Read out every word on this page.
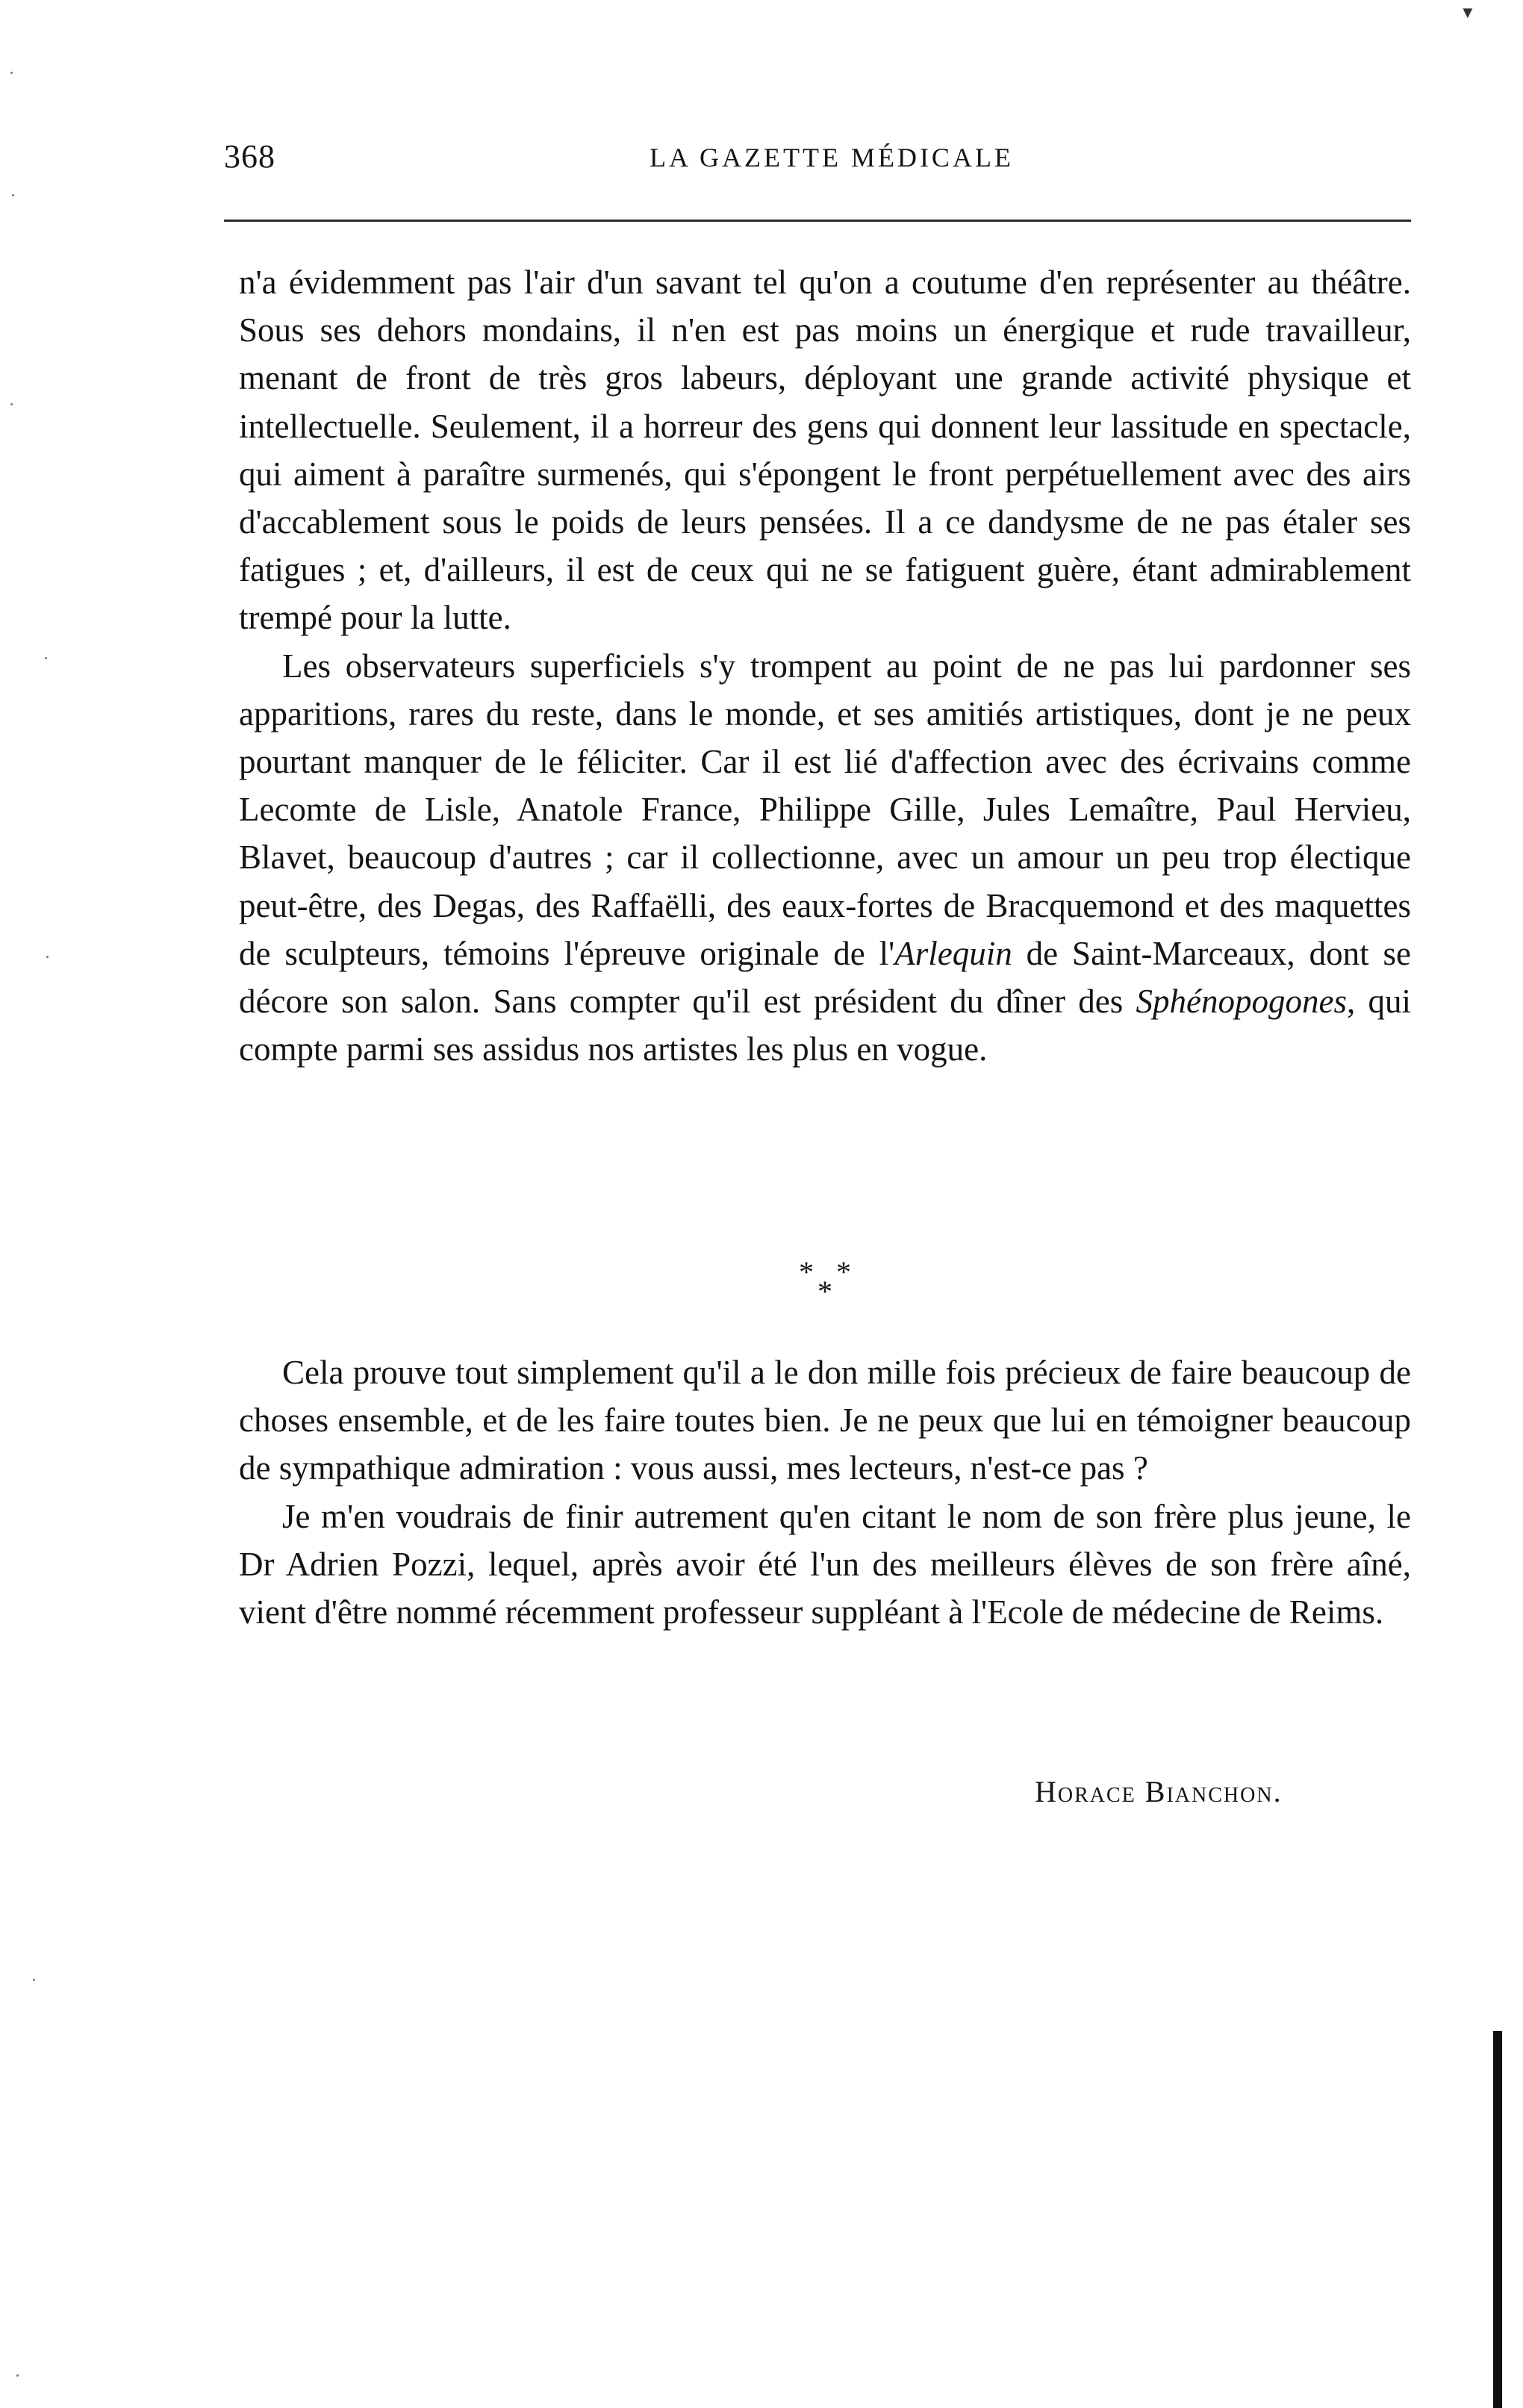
▼
368	LA GAZETTE MÉDICALE

n'a évidemment pas l'air d'un savant tel qu'on a coutume d'en représenter au théâtre. Sous ses dehors mondains, il n'en est pas moins un énergique et rude travailleur, menant de front de très gros labeurs, déployant une grande activité physique et intellectuelle. Seulement, il a horreur des gens qui donnent leur lassitude en spectacle, qui aiment à paraître surmenés, qui s'épongent le front perpétuellement avec des airs d'accablement sous le poids de leurs pensées. Il a ce dandysme de ne pas étaler ses fatigues ; et, d'ailleurs, il est de ceux qui ne se fatiguent guère, étant admirablement trempé pour la lutte.

Les observateurs superficiels s'y trompent au point de ne pas lui pardonner ses apparitions, rares du reste, dans le monde, et ses amitiés artistiques, dont je ne peux pourtant manquer de le féliciter. Car il est lié d'affection avec des écrivains comme Lecomte de Lisle, Anatole France, Philippe Gille, Jules Lemaître, Paul Hervieu, Blavet, beaucoup d'autres ; car il collectionne, avec un amour un peu trop électique peut-être, des Degas, des Raffaëlli, des eaux-fortes de Bracquemond et des maquettes de sculpteurs, témoins l'épreuve originale de l'Arlequin de Saint-Marceaux, dont se décore son salon. Sans compter qu'il est président du dîner des Sphénopogones, qui compte parmi ses assidus nos artistes les plus en vogue.

* *
*

Cela prouve tout simplement qu'il a le don mille fois précieux de faire beaucoup de choses ensemble, et de les faire toutes bien. Je ne peux que lui en témoigner beaucoup de sympathique admiration : vous aussi, mes lecteurs, n'est-ce pas ?

Je m'en voudrais de finir autrement qu'en citant le nom de son frère plus jeune, le Dr Adrien Pozzi, lequel, après avoir été l'un des meilleurs élèves de son frère aîné, vient d'être nommé récemment professeur suppléant à l'Ecole de médecine de Reims.

Horace Bianchon.
